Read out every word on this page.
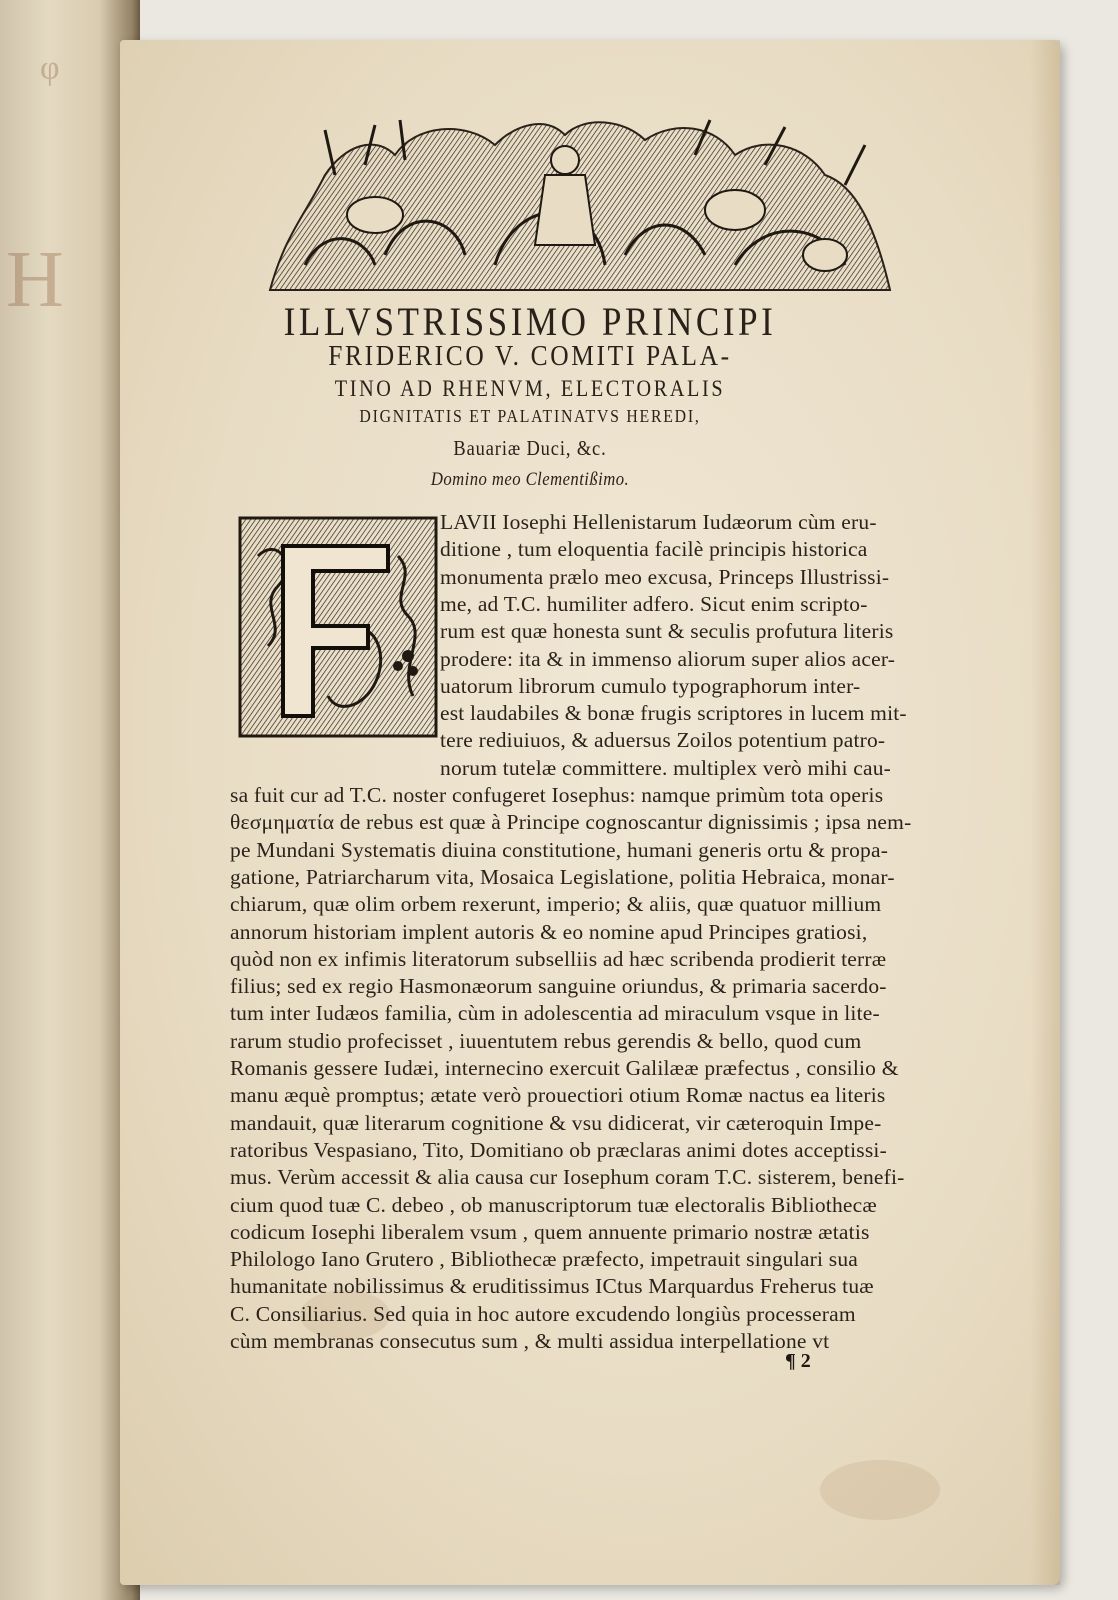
φ
H	ILLVSTRISSIMO PRINCIPI
FRIDERICO V. COMITI PALA-
TINO AD RHENVM, ELECTORALIS
DIGNITATIS ET PALATINATVS HEREDI,
Bauariæ Duci, &c.
Domino meo Clementißimo.
LAVII Iosephi Hellenistarum Iudæorum cùm eru-
ditione , tum eloquentia facilè principis historica
monumenta prælo meo excusa, Princeps Illustrissi-
me, ad T.C. humiliter adfero. Sicut enim scripto-
rum est quæ honesta sunt & seculis profutura literis
prodere: ita & in immenso aliorum super alios acer-
uatorum librorum cumulo typographorum inter-
est laudabiles & bonæ frugis scriptores in lucem mit-
tere rediuiuos, & aduersus Zoilos potentium patro-
norum tutelæ committere. multiplex verò mihi cau-
sa fuit cur ad T.C. noster confugeret Iosephus: namque primùm tota operis
θεσμηματία de rebus est quæ à Principe cognoscantur dignissimis ; ipsa nem-
pe Mundani Systematis diuina constitutione, humani generis ortu & propa-
gatione, Patriarcharum vita, Mosaica Legislatione, politia Hebraica, monar-
chiarum, quæ olim orbem rexerunt, imperio; & aliis, quæ quatuor millium
annorum historiam implent autoris & eo nomine apud Principes gratiosi,
quòd non ex infimis literatorum subselliis ad hæc scribenda prodierit terræ
filius; sed ex regio Hasmonæorum sanguine oriundus, & primaria sacerdo-
tum inter Iudæos familia, cùm in adolescentia ad miraculum vsque in lite-
rarum studio profecisset , iuuentutem rebus gerendis & bello, quod cum
Romanis gessere Iudæi, internecino exercuit Galilææ præfectus , consilio &
manu æquè promptus; ætate verò prouectiori otium Romæ nactus ea literis
mandauit, quæ literarum cognitione & vsu didicerat, vir cæteroquin Impe-
ratoribus Vespasiano, Tito, Domitiano ob præclaras animi dotes acceptissi-
mus. Verùm accessit & alia causa cur Iosephum coram T.C. sisterem, benefi-
cium quod tuæ C. debeo , ob manuscriptorum tuæ electoralis Bibliothecæ
codicum Iosephi liberalem vsum , quem annuente primario nostræ ætatis
Philologo Iano Grutero , Bibliothecæ præfecto, impetrauit singulari sua
humanitate nobilissimus & eruditissimus ICtus Marquardus Freherus tuæ
C. Consiliarius. Sed quia in hoc autore excudendo longiùs processeram
cùm membranas consecutus sum , & multi assidua interpellatione vt
¶ 2
